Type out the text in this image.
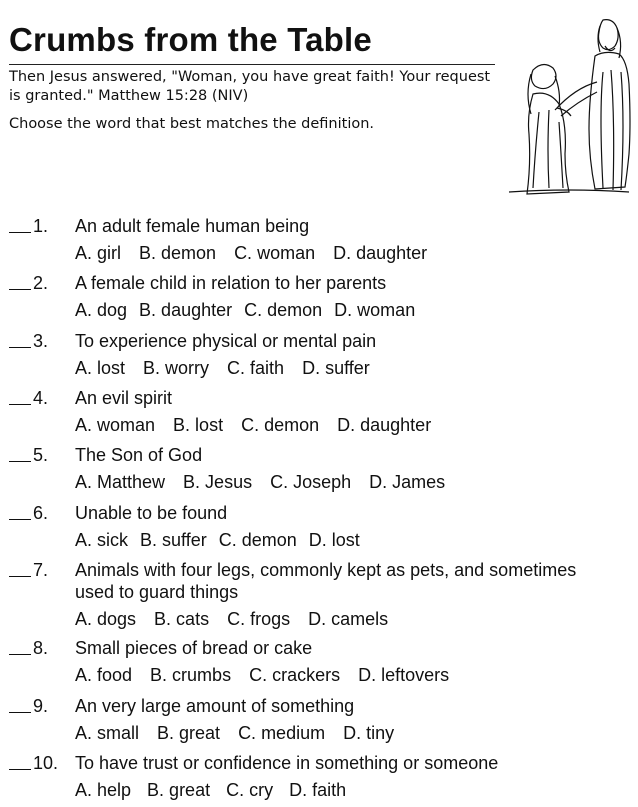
Crumbs from the Table
Then Jesus answered, "Woman, you have great faith! Your request is granted." Matthew 15:28 (NIV)
Choose the word that best matches the definition.
1. An adult female human being
A. girl B. demon C. woman D. daughter
2. A female child in relation to her parents
A. dog B. daughter C. demon D. woman
3. To experience physical or mental pain
A. lost B. worry C. faith D. suffer
4. An evil spirit
A. woman B. lost C. demon D. daughter
5. The Son of God
A. Matthew B. Jesus C. Joseph D. James
6. Unable to be found
A. sick B. suffer C. demon D. lost
7. Animals with four legs, commonly kept as pets, and sometimes used to guard things
A. dogs B. cats C. frogs D. camels
8. Small pieces of bread or cake
A. food B. crumbs C. crackers D. leftovers
9. An very large amount of something
A. small B. great C. medium D. tiny
10. To have trust or confidence in something or someone
A. help B. great C. cry D. faith
